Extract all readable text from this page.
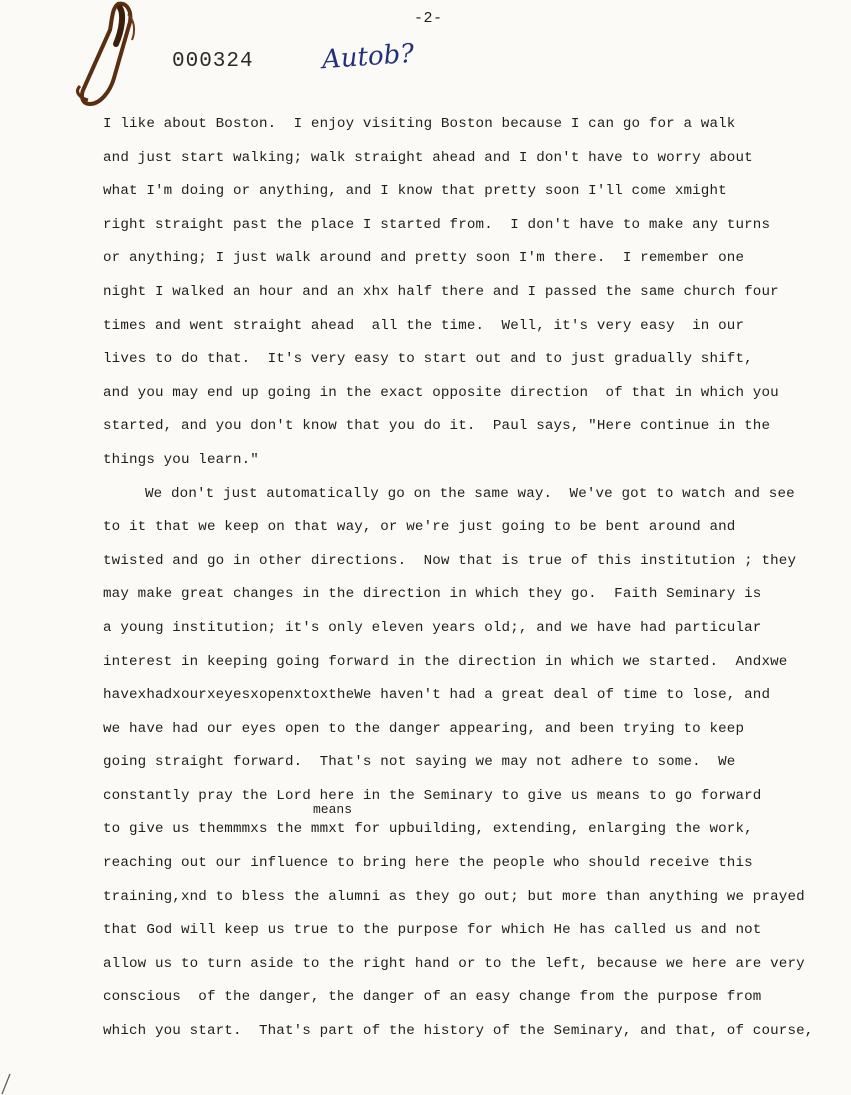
-2-
000324	Autob?
means
I like about Boston.  I enjoy visiting Boston because I can go for a walk
and just start walking; walk straight ahead and I don't have to worry about
what I'm doing or anything, and I know that pretty soon I'll come xmight
right straight past the place I started from.  I don't have to make any turns
or anything; I just walk around and pretty soon I'm there.  I remember one
night I walked an hour and an xhx half there and I passed the same church four
times and went straight ahead  all the time.  Well, it's very easy  in our
lives to do that.  It's very easy to start out and to just gradually shift,
and you may end up going in the exact opposite direction  of that in which you
started, and you don't know that you do it.  Paul says, "Here continue in the
things you learn."
We don't just automatically go on the same way.  We've got to watch and see
to it that we keep on that way, or we're just going to be bent around and
twisted and go in other directions.  Now that is true of this institution ; they
may make great changes in the direction in which they go.  Faith Seminary is
a young institution; it's only eleven years old;, and we have had particular
interest in keeping going forward in the direction in which we started.  Andxwe
havexhadxourxeyesxopenxtoxtheWe haven't had a great deal of time to lose, and
we have had our eyes open to the danger appearing, and been trying to keep
going straight forward.  That's not saying we may not adhere to some.  We
constantly pray the Lord here in the Seminary to give us means to go forward
to give us themmmxs the mmxt for upbuilding, extending, enlarging the work,
reaching out our influence to bring here the people who should receive this
training,xnd to bless the alumni as they go out; but more than anything we prayed
that God will keep us true to the purpose for which He has called us and not
allow us to turn aside to the right hand or to the left, because we here are very
conscious  of the danger, the danger of an easy change from the purpose from
which you start.  That's part of the history of the Seminary, and that, of course,
